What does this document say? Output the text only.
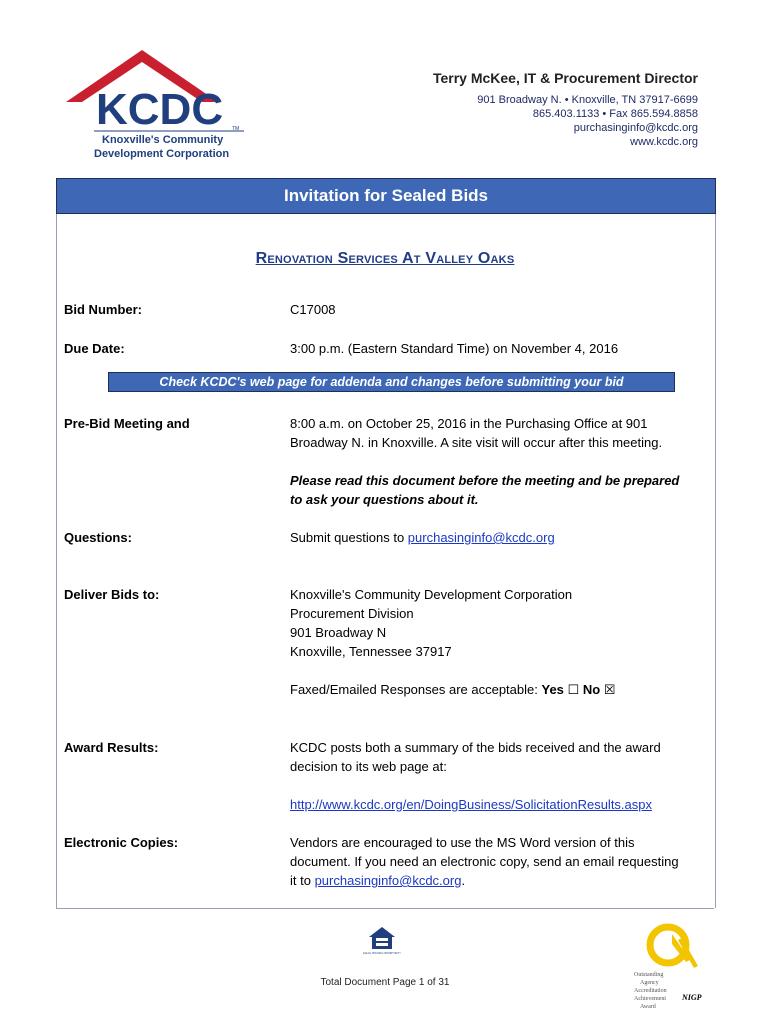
KCDC TM
Knoxville's Community
Development Corporation
Terry McKee, IT & Procurement Director
901 Broadway N. • Knoxville, TN 37917-6699
865.403.1133 • Fax 865.594.8858
purchasinginfo@kcdc.org
www.kcdc.org
Invitation for Sealed Bids
Renovation Services At Valley Oaks
Bid Number:	C17008
Due Date:	3:00 p.m. (Eastern Standard Time) on November 4, 2016
Check KCDC's web page for addenda and changes before submitting your bid
Pre-Bid Meeting and	8:00 a.m. on October 25, 2016 in the Purchasing Office at 901
Broadway N. in Knoxville. A site visit will occur after this meeting.
Please read this document before the meeting and be prepared
to ask your questions about it.
Questions:	Submit questions to purchasinginfo@kcdc.org
Deliver Bids to:	Knoxville's Community Development Corporation
Procurement Division
901 Broadway N
Knoxville, Tennessee 37917
Faxed/Emailed Responses are acceptable: Yes ☐ No ☒
Award Results:	KCDC posts both a summary of the bids received and the award
decision to its web page at:
http://www.kcdc.org/en/DoingBusiness/SolicitationResults.aspx
Electronic Copies:	Vendors are encouraged to use the MS Word version of this
document. If you need an electronic copy, send an email requesting
it to purchasinginfo@kcdc.org.
EQUAL HOUSING OPPORTUNITY
Total Document Page 1 of 31
Outstanding
Agency
Accreditation
Achievement
Award
NIGP
